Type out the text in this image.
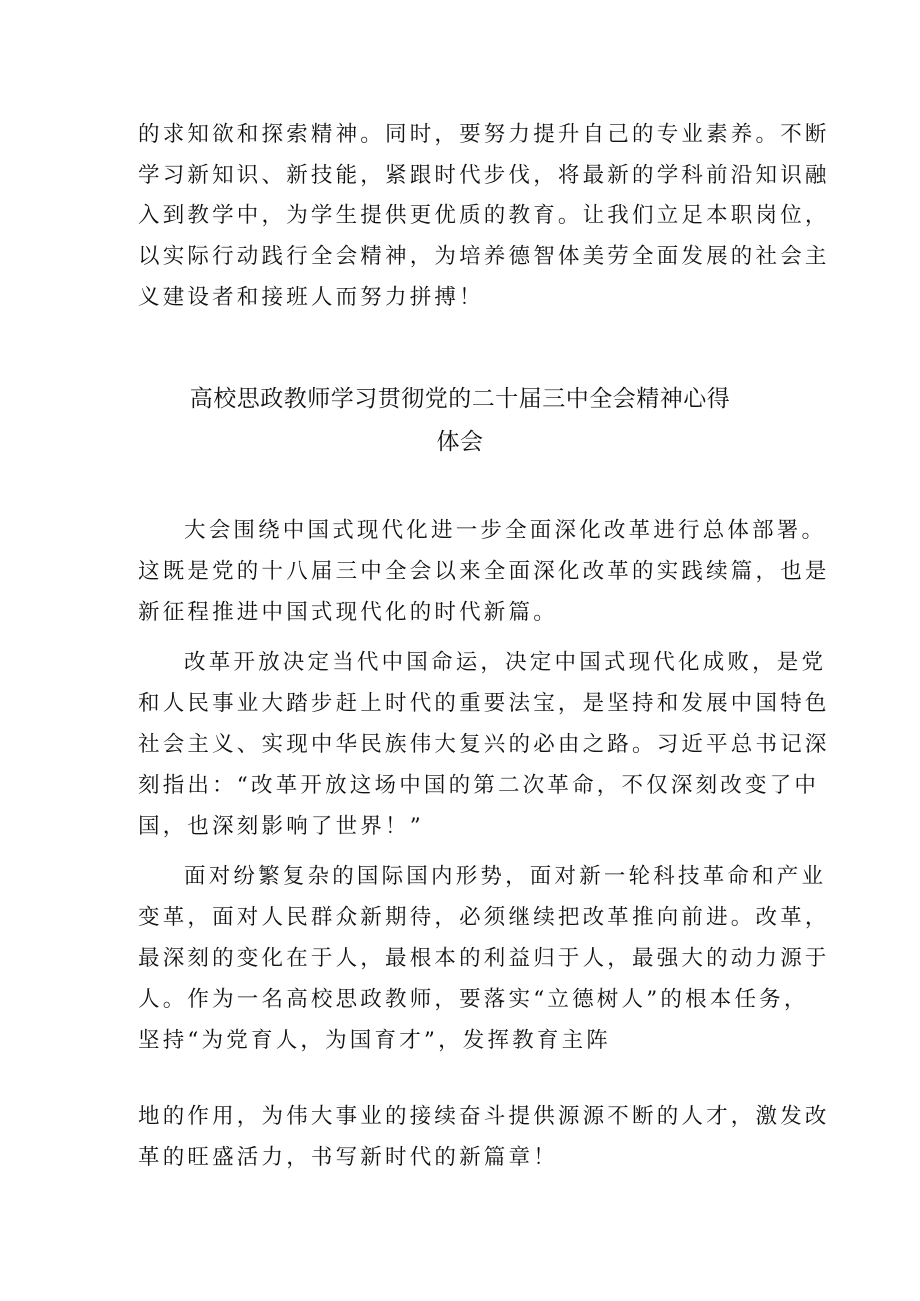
的求知欲和探索精神。同时，要努力提升自己的专业素养。不断
学习新知识、新技能，紧跟时代步伐，将最新的学科前沿知识融
入到教学中，为学生提供更优质的教育。让我们立足本职岗位，
以实际行动践行全会精神，为培养德智体美劳全面发展的社会主
义建设者和接班人而努力拼搏！
高校思政教师学习贯彻党的二十届三中全会精神心得
体会
大会围绕中国式现代化进一步全面深化改革进行总体部署。
这既是党的十八届三中全会以来全面深化改革的实践续篇，也是
新征程推进中国式现代化的时代新篇。
改革开放决定当代中国命运，决定中国式现代化成败，是党
和人民事业大踏步赶上时代的重要法宝，是坚持和发展中国特色
社会主义、实现中华民族伟大复兴的必由之路。习近平总书记深
刻指出：“改革开放这场中国的第二次革命，不仅深刻改变了中
国，也深刻影响了世界！”
面对纷繁复杂的国际国内形势，面对新一轮科技革命和产业
变革，面对人民群众新期待，必须继续把改革推向前进。改革，
最深刻的变化在于人，最根本的利益归于人，最强大的动力源于
人。作为一名高校思政教师，要落实“立德树人”的根本任务，
坚持“为党育人，为国育才”，发挥教育主阵
地的作用，为伟大事业的接续奋斗提供源源不断的人才，激发改
革的旺盛活力，书写新时代的新篇章！
